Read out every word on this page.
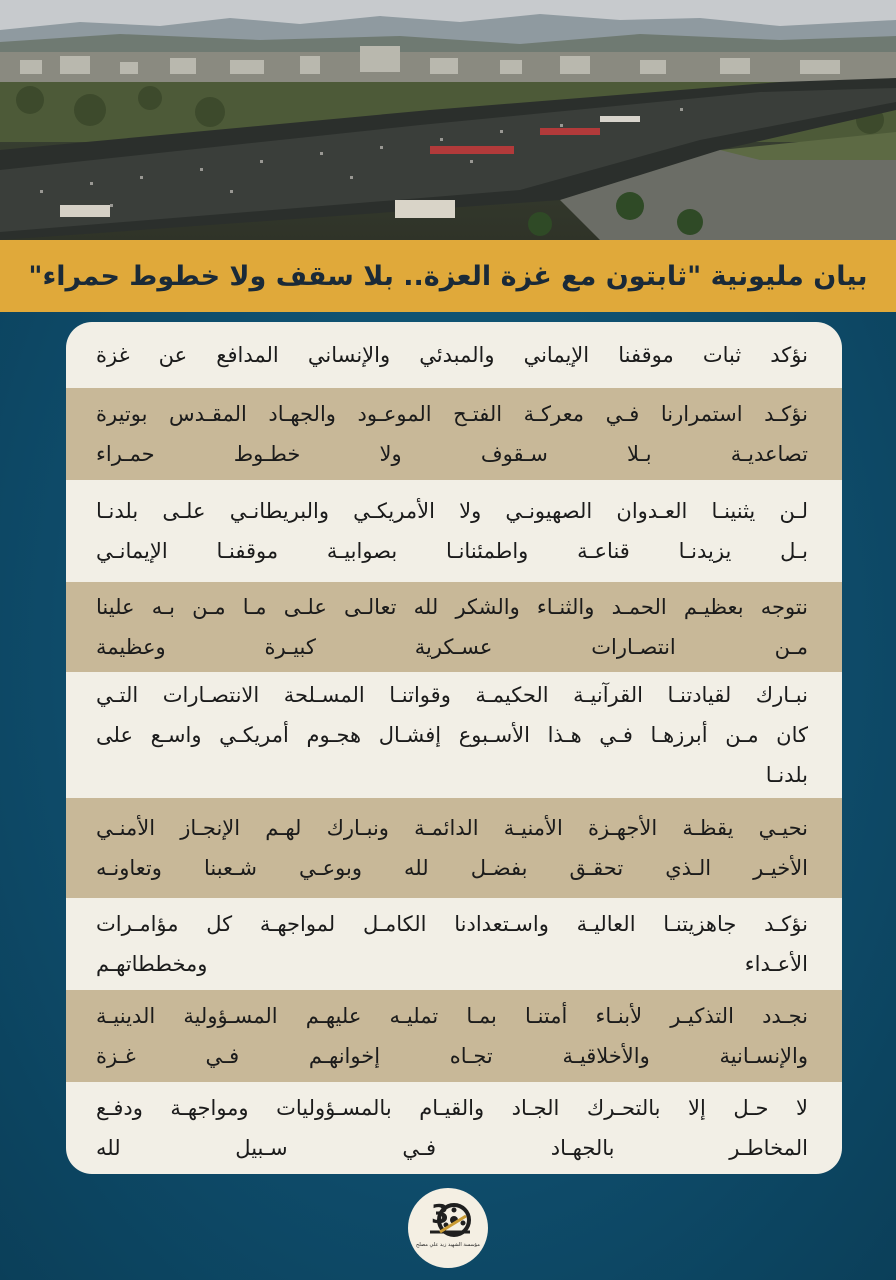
بيان مليونية "ثابتون مع غزة العزة.. بلا سقف ولا خطوط حمراء"
نؤكد ثبات موقفنا الإيماني والمبدئي والإنساني المدافع عن غزة
نؤكـد استمرارنا فـي معركـة الفتـح الموعـود والجهـاد المقـدس بوتيرة
تصاعديـة بـلا سـقوف ولا خطـوط حمـراء
لـن يثنينـا العـدوان الصهيونـي ولا الأمريكـي والبريطانـي علـى بلدنـا
بـل يزيدنـا قناعـة واطمئنانـا بصوابيـة موقفنـا الإيمانـي
نتوجه بعظيـم الحمـد والثنـاء والشكر لله تعالـى علـى مـا مـن بـه علينا
مـن انتصـارات عسـكرية كبيـرة وعظيمة
نبـارك لقيادتنـا القرآنيـة الحكيمـة وقواتنـا المسـلحة الانتصـارات التـي
كان مـن أبرزهـا فـي هـذا الأسـبوع إفشـال هجـوم أمريكـي واسـع على
بلدنـا
نحيـي يقظـة الأجهـزة الأمنيـة الدائمـة ونبـارك لهـم الإنجـاز الأمنـي
الأخيـر الـذي تحقـق بفضـل لله وبوعـي شـعبنا وتعاونـه
نؤكـد جاهزيتنـا العاليـة واسـتعدادنا الكامـل لمواجهـة كل مؤامـرات
الأعـداء ومخططاتهـم
نجـدد التذكيـر لأبنـاء أمتنـا بمـا تمليـه عليهـم المسـؤولية الدينيـة
والإنسـانية والأخلاقيـة تجـاه إخوانهـم فـي غـزة
لا حـل إلا بالتحـرك الجـاد والقيـام بالمسـؤوليات ومواجهـة ودفـع
المخاطـر بالجهـاد فـي سـبيل لله
3
مؤسسة الشهيد زيد علي مصلح
